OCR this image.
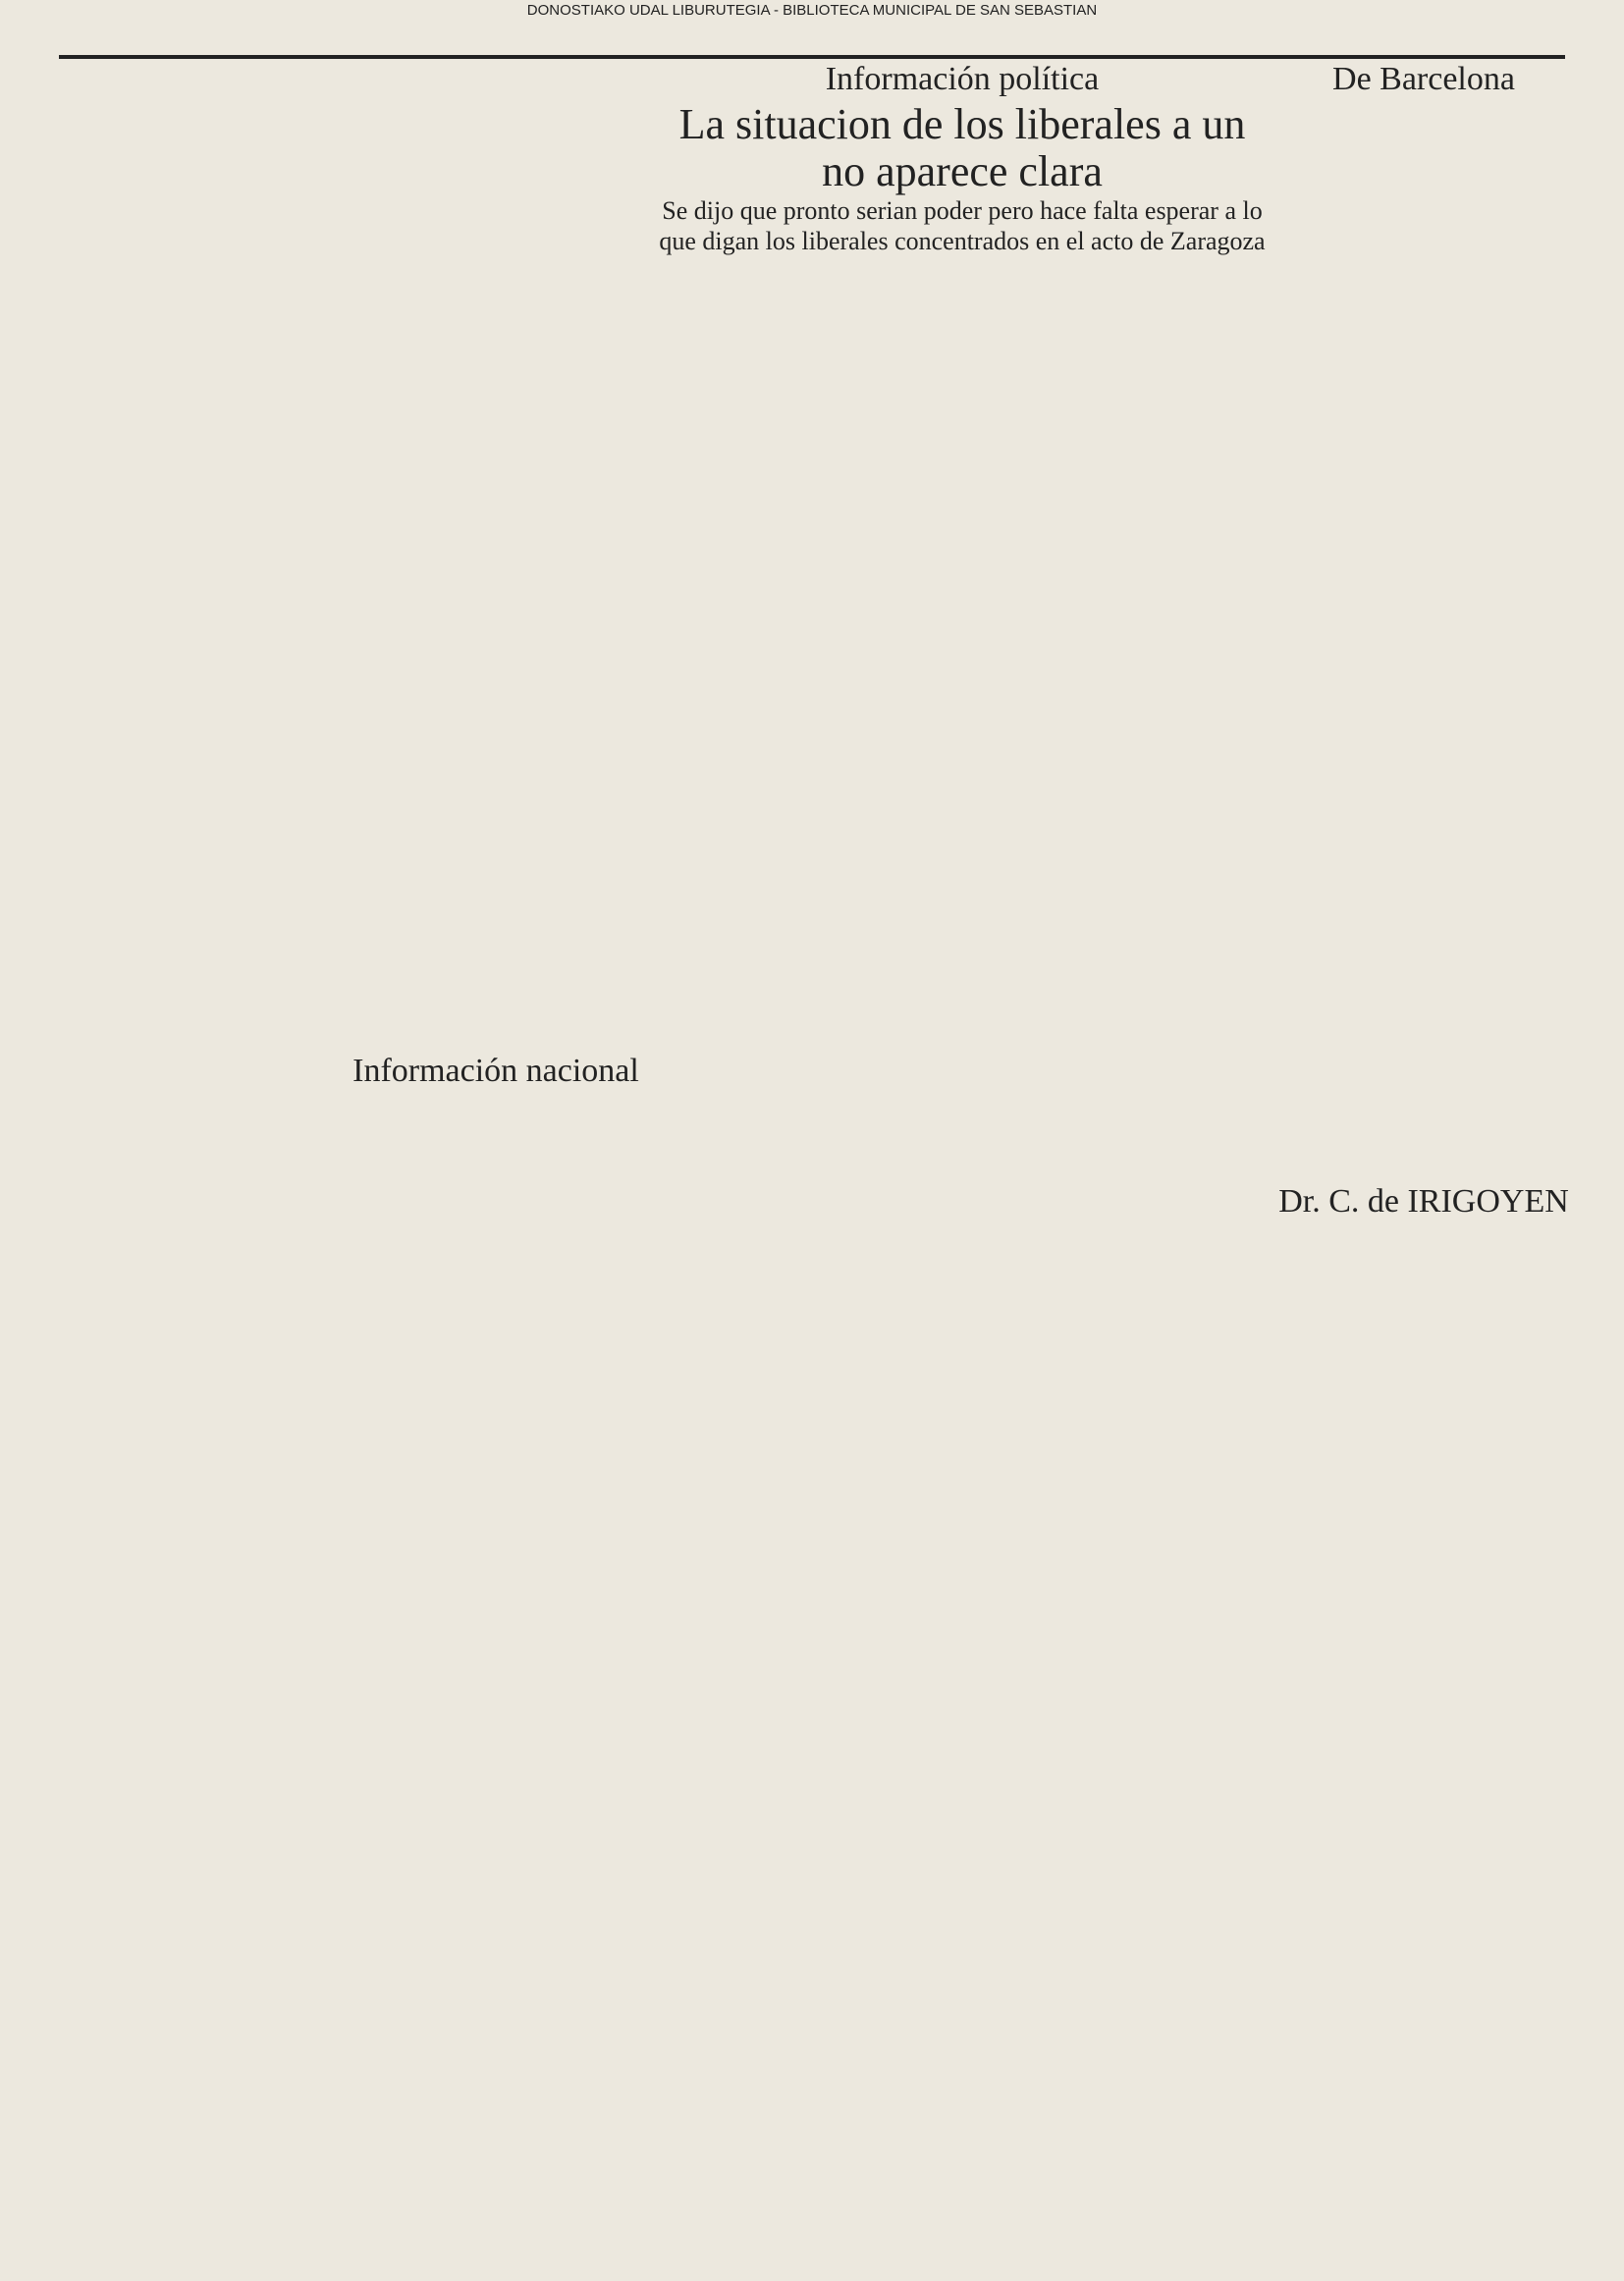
DONOSTIAKO UDAL LIBURUTEGIA - BIBLIOTECA MUNICIPAL DE SAN SEBASTIAN
Información política
La situacion de los liberales a un no aparece clara
Se dijo que pronto serian poder pero hace falta esperar a lo que digan los liberales concentrados en el acto de Zaragoza
De Barcelona
Dr. C. de IRIGOYEN
Información nacional
